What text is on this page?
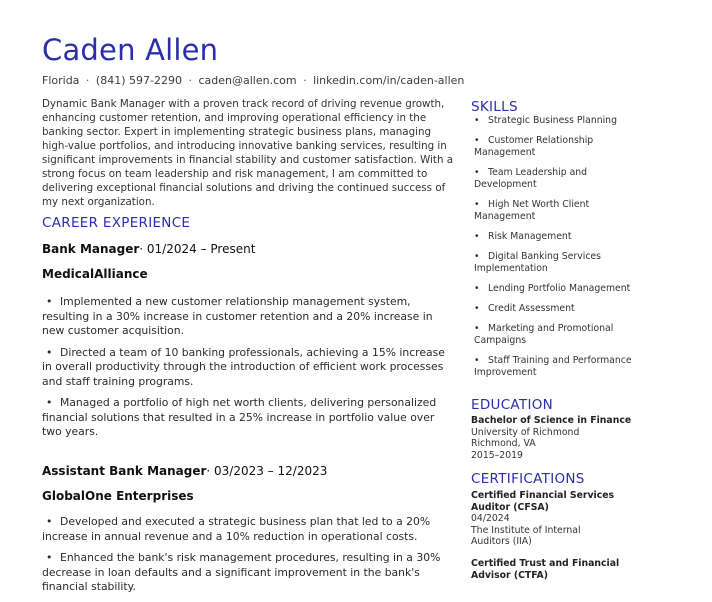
Caden Allen
Florida · (841) 597-2290 · caden@allen.com · linkedin.com/in/caden-allen
Dynamic Bank Manager with a proven track record of driving revenue growth, enhancing customer retention, and improving operational efficiency in the banking sector. Expert in implementing strategic business plans, managing high-value portfolios, and introducing innovative banking services, resulting in significant improvements in financial stability and customer satisfaction. With a strong focus on team leadership and risk management, I am committed to delivering exceptional financial solutions and driving the continued success of my next organization.
CAREER EXPERIENCE
Bank Manager· 01/2024 – Present
MedicalAlliance
• Implemented a new customer relationship management system, resulting in a 30% increase in customer retention and a 20% increase in new customer acquisition.
• Directed a team of 10 banking professionals, achieving a 15% increase in overall productivity through the introduction of efficient work processes and staff training programs.
• Managed a portfolio of high net worth clients, delivering personalized financial solutions that resulted in a 25% increase in portfolio value over two years.
Assistant Bank Manager· 03/2023 – 12/2023
GlobalOne Enterprises
• Developed and executed a strategic business plan that led to a 20% increase in annual revenue and a 10% reduction in operational costs.
• Enhanced the bank's risk management procedures, resulting in a 30% decrease in loan defaults and a significant improvement in the bank's financial stability.
SKILLS
• Strategic Business Planning
• Customer Relationship Management
• Team Leadership and Development
• High Net Worth Client Management
• Risk Management
• Digital Banking Services Implementation
• Lending Portfolio Management
• Credit Assessment
• Marketing and Promotional Campaigns
• Staff Training and Performance Improvement
EDUCATION
Bachelor of Science in Finance
University of Richmond
Richmond, VA
2015–2019
CERTIFICATIONS
Certified Financial Services Auditor (CFSA)
04/2024
The Institute of Internal Auditors (IIA)
Certified Trust and Financial Advisor (CTFA)
